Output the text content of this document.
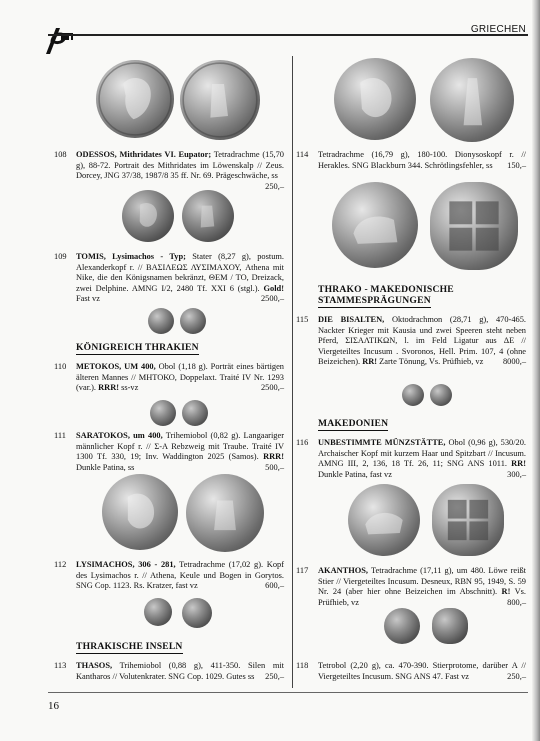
GRIECHEN
108 ODESSOS, Mithridates VI. Eupator; Tetradrachme (15,70 g), 88-72. Portrait des Mithridates im Löwenskalp // Zeus. Dorcey, JNG 37/38, 1987/8 35 ff. Nr. 69. Prägeschwäche, ss
250,–
109 TOMIS, Lysimachos - Typ; Stater (8,27 g), postum. Alexanderkopf r. // ΒΑΣΙΛΕΩΣ ΛΥΣΙΜΑΧΟΥ, Athena mit Nike, die den Königsnamen bekränzt, ΘΕΜ / ΤΟ, Dreizack, zwei Delphine. AMNG I/2, 2480 Tf. XXI 6 (stgl.). Gold! Fast vz	2500,–
KÖNIGREICH THRAKIEN
110 METOKOS, UM 400, Obol (1,18 g). Porträt eines bärtigen älteren Mannes // ΜΗΤΟΚΟ, Doppelaxt. Traité IV Nr. 1293 (var.). RRR! ss-vz	2500,–
111 SARATOKOS, um 400, Trihemiobol (0,82 g). Langaariger männlicher Kopf r. // Σ-Α Rebzweig mit Traube. Traité IV 1300 Tf. 330, 19; Inv. Waddington 2025 (Samos). RRR! Dunkle Patina, ss	500,–
112 LYSIMACHOS, 306 - 281, Tetradrachme (17,02 g). Kopf des Lysimachos r. // Athena, Keule und Bogen in Gorytos. SNG Cop. 1123. Rs. Kratzer, fast vz	600,–
THRAKISCHE INSELN
113 THASOS, Trihemiobol (0,88 g), 411-350. Silen mit Kantharos // Volutenkrater. SNG Cop. 1029. Gutes ss 250,–
114 Tetradrachme (16,79 g), 180-100. Dionysoskopf r. // Herakles. SNG Blackburn 344. Schrötlingsfehler, ss 150,–
THRAKO - MAKEDONISCHE
STAMMESPRÄGUNGEN
115 DIE BISALTEN, Oktodrachmon (28,71 g), 470-465. Nackter Krieger mit Kausia und zwei Speeren steht neben Pferd, ΣΙΣΑΛΤΙΚΩΝ, l. im Feld Ligatur aus ΔΕ // Viergeteiltes Incusum . Svoronos, Hell. Prim. 107, 4 (ohne Beizeichen). RR! Zarte Tönung, Vs. Prüfhieb, vz 8000,–
MAKEDONIEN
116 UNBESTIMMTE MÜNZSTÄTTE, Obol (0,96 g), 530/20. Archaischer Kopf mit kurzem Haar und Spitzbart // Incusum. AMNG III, 2, 136, 18 Tf. 26, 11; SNG ANS 1011. RR! Dunkle Patina, fast vz	300,–
117 AKANTHOS, Tetradrachme (17,11 g), um 480. Löwe reißt Stier // Viergeteiltes Incusum. Desneux, RBN 95, 1949, S. 59 Nr. 24 (aber hier ohne Beizeichen im Abschnitt). R! Vs. Prüfhieb, vz	800,–
118 Tetrobol (2,20 g), ca. 470-390. Stierprotome, darüber A // Viergeteiltes Incusum. SNG ANS 47. Fast vz	250,–
16
